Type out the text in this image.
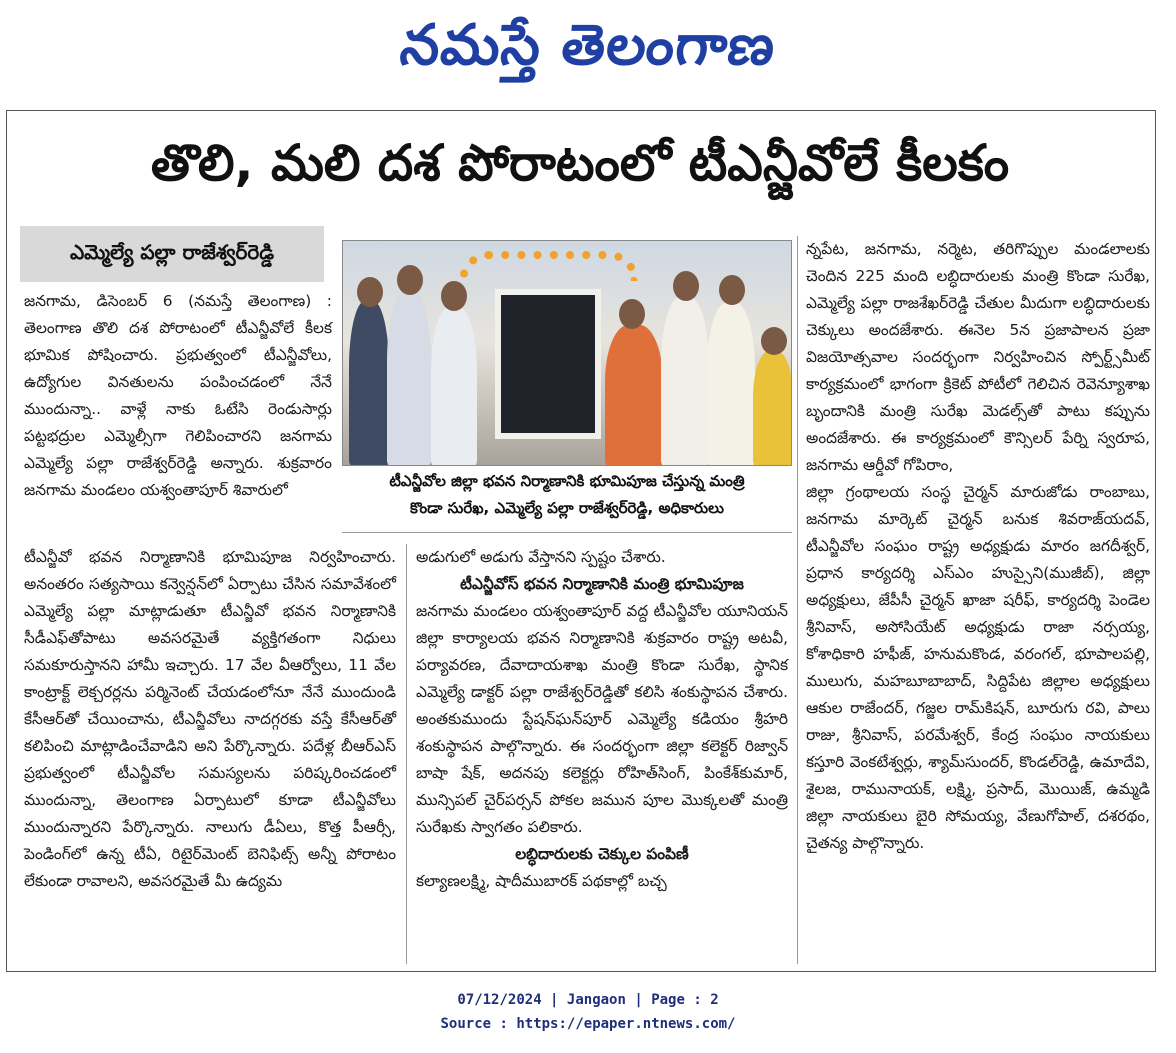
నమస్తే తెలంగాణ
తొలి, మలి దశ పోరాటంలో టీఎన్జీవోలే కీలకం
ఎమ్మెల్యే పల్లా రాజేశ్వర్‌రెడ్డి
టీఎన్జీవోల జిల్లా భవన నిర్మాణానికి భూమిపూజ చేస్తున్న మంత్రి
కొండా సురేఖ, ఎమ్మెల్యే పల్లా రాజేశ్వర్‌రెడ్డి, అధికారులు

జనగామ, డిసెంబర్ 6 (నమస్తే తెలంగాణ) : తెలంగాణ తొలి దశ పోరాటంలో టీఎన్జీవోలే కీలక భూమిక పోషించారు. ప్రభుత్వంలో టీఎన్జీవోలు, ఉద్యోగుల వినతులను పంపించడంలో నేనే ముందున్నా.. వాళ్లే నాకు ఓటేసి రెండుసార్లు పట్టభద్రుల ఎమ్మెల్సీగా గెలిపించారని జనగామ ఎమ్మెల్యే పల్లా రాజేశ్వర్‌రెడ్డి అన్నారు. శుక్రవారం జనగామ మండలం యశ్వంతాపూర్ శివారులో

టీఎన్జీవో భవన నిర్మాణానికి భూమిపూజ నిర్వహించారు. అనంతరం సత్యసాయి కన్వెన్షన్‌లో ఏర్పాటు చేసిన సమావేశంలో ఎమ్మెల్యే పల్లా మాట్లాడుతూ టీఎన్జీవో భవన నిర్మాణానికి సీడీఎఫ్‌తోపాటు అవసరమైతే వ్యక్తిగతంగా నిధులు సమకూరుస్తానని హామీ ఇచ్చారు. 17 వేల వీఆర్వోలు, 11 వేల కాంట్రాక్ట్ లెక్చరర్లను పర్మినెంట్ చేయడంలోనూ నేనే ముందుండి కేసీఆర్‌తో చేయించాను, టీఎన్జీవోలు నాదగ్గరకు వస్తే కేసీఆర్‌తో కలిపించి మాట్లాడించేవాడిని అని పేర్కొన్నారు. పదేళ్ల బీఆర్‌ఎస్ ప్రభుత్వంలో టీఎన్జీవోల సమస్యలను పరిష్కరించడంలో ముందున్నా, తెలంగాణ ఏర్పాటులో కూడా టీఎన్జీవోలు ముందున్నారని పేర్కొన్నారు. నాలుగు డీఏలు, కొత్త పీఆర్సీ, పెండింగ్‌లో ఉన్న టీఏ, రిటైర్‌మెంట్ బెనిఫిట్స్ అన్నీ పోరాటం లేకుండా రావాలని, అవసరమైతే మీ ఉద్యమ

అడుగులో అడుగు వేస్తానని స్పష్టం చేశారు.

టీఎన్జీవోస్ భవన నిర్మాణానికి మంత్రి భూమిపూజ

జనగామ మండలం యశ్వంతాపూర్ వద్ద టీఎన్జీవోల యూనియన్ జిల్లా కార్యాలయ భవన నిర్మాణానికి శుక్రవారం రాష్ట్ర అటవీ, పర్యావరణ, దేవాదాయశాఖ మంత్రి కొండా సురేఖ, స్థానిక ఎమ్మెల్యే డాక్టర్ పల్లా రాజేశ్వర్‌రెడ్డితో కలిసి శంకుస్థాపన చేశారు. అంతకుముందు స్టేషన్‌ఘన్‌పూర్ ఎమ్మెల్యే కడియం శ్రీహరి శంకుస్థాపన పాల్గొన్నారు. ఈ సందర్భంగా జిల్లా కలెక్టర్ రిజ్వాన్ బాషా షేక్, అదనపు కలెక్టర్లు రోహిత్‌సింగ్, పింకేశ్‌కుమార్, మున్సిపల్ చైర్‌పర్సన్ పోకల జమున పూల మొక్కలతో మంత్రి సురేఖకు స్వాగతం పలికారు.

లబ్ధిదారులకు చెక్కుల పంపిణీ

కల్యాణలక్ష్మి, షాదీముబారక్ పథకాల్లో బచ్చ

న్నపేట, జనగామ, నర్మెట, తరిగొప్పుల మండలాలకు చెందిన 225 మంది లబ్ధిదారులకు మంత్రి కొండా సురేఖ, ఎమ్మెల్యే పల్లా రాజశేఖర్‌రెడ్డి చేతుల మీదుగా లబ్ధిదారులకు చెక్కులు అందజేశారు. ఈనెల 5న ప్రజాపాలన ప్రజా విజయోత్సవాల సందర్భంగా నిర్వహించిన స్పోర్ట్స్‌మీట్ కార్యక్రమంలో భాగంగా క్రికెట్ పోటీలో గెలిచిన రెవెన్యూశాఖ బృందానికి మంత్రి సురేఖ మెడల్స్‌తో పాటు కప్పును అందజేశారు. ఈ కార్యక్రమంలో కౌన్సిలర్ పేర్ని స్వరూప, జనగామ ఆర్డీవో గోపిరాం,

జిల్లా గ్రంథాలయ సంస్థ చైర్మన్ మారుజోడు రాంబాబు, జనగామ మార్కెట్ చైర్మన్ బనుక శివరాజ్‌యదవ్, టీఎన్జీవోల సంఘం రాష్ట్ర అధ్యక్షుడు మారం జగదీశ్వర్, ప్రధాన కార్యదర్శి ఎస్ఎం హుస్సైని(ముజీబ్), జిల్లా అధ్యక్షులు, జేపీసీ చైర్మన్ ఖాజా షరీఫ్, కార్యదర్శి పెండెల శ్రీనివాస్, అసోసియేట్ అధ్యక్షుడు రాజా నర్సయ్య, కోశాధికారి హఫీజ్, హనుమకొండ, వరంగల్, భూపాలపల్లి, ములుగు, మహబూబాబాద్, సిద్దిపేట జిల్లాల అధ్యక్షులు ఆకుల రాజేందర్, గజ్జల రామ్‌కిషన్, బూరుగు రవి, పాలు రాజు, శ్రీనివాస్, పరమేశ్వర్, కేంద్ర సంఘం నాయకులు కస్తూరి వెంకటేశ్వర్లు, శ్యామ్‌సుందర్, కొండల్‌రెడ్డి, ఉమాదేవి, శైలజ, రామునాయక్, లక్ష్మి, ప్రసాద్, మొయిజ్, ఉమ్మడి జిల్లా నాయకులు బైరి సోమయ్య, వేణుగోపాల్, దశరథం, చైతన్య పాల్గొన్నారు.

07/12/2024 | Jangaon | Page : 2
Source : https://epaper.ntnews.com/
